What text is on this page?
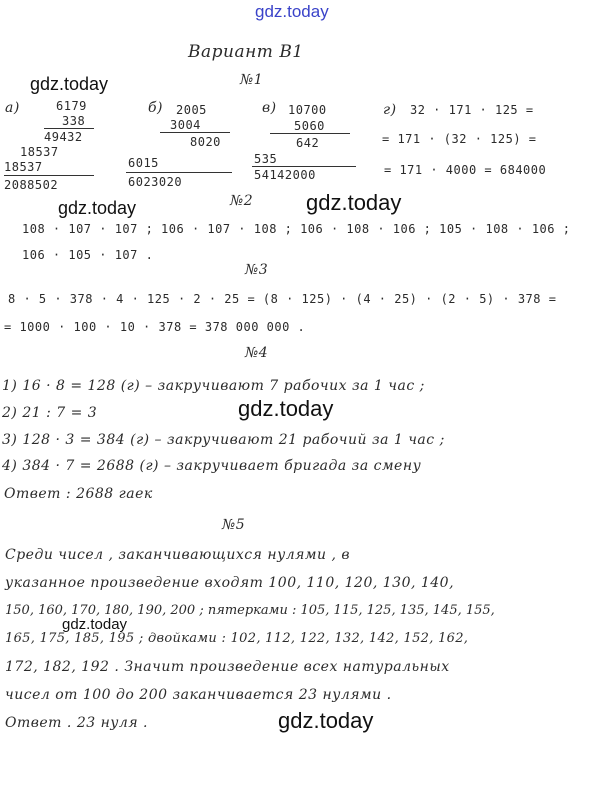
gdz.today
Вариант В1
gdz.today
gdz.today	gdz.today
gdz.today
gdz.today
gdz.today
№1
а)	6179
338
49432
18537
18537
2088502
б) 2005
3004
8020
6015
6023020
в) 10700
5060
642
535
54142000
г) 32 · 171 · 125 =
= 171 · (32 · 125) =
= 171 · 4000 = 684000
№2
108 · 107 · 107 ; 106 · 107 · 108 ; 106 · 108 · 106 ; 105 · 108 · 106 ;
106 · 105 · 107 .
№3
8 · 5 · 378 · 4 · 125 · 2 · 25 = (8 · 125) · (4 · 25) · (2 · 5) · 378 =
= 1000 · 100 · 10 · 378 = 378 000 000 .
№4
1) 16 · 8 = 128 (г) – закручивают 7 рабочих за 1 час ;
2) 21 : 7 = 3
3) 128 · 3 = 384 (г) – закручивают 21 рабочий за 1 час ;
4) 384 · 7 = 2688 (г) – закручивает бригада за смену
Ответ : 2688 гаек
№5
Среди чисел , заканчивающихся нулями , в
указанное произведение входят 100, 110, 120, 130, 140,
150, 160, 170, 180, 190, 200 ; пятерками : 105, 115, 125, 135, 145, 155,
165, 175, 185, 195 ; двойками : 102, 112, 122, 132, 142, 152, 162,
172, 182, 192 . Значит произведение всех натуральных
чисел от 100 до 200 заканчивается 23 нулями .
Ответ . 23 нуля .
